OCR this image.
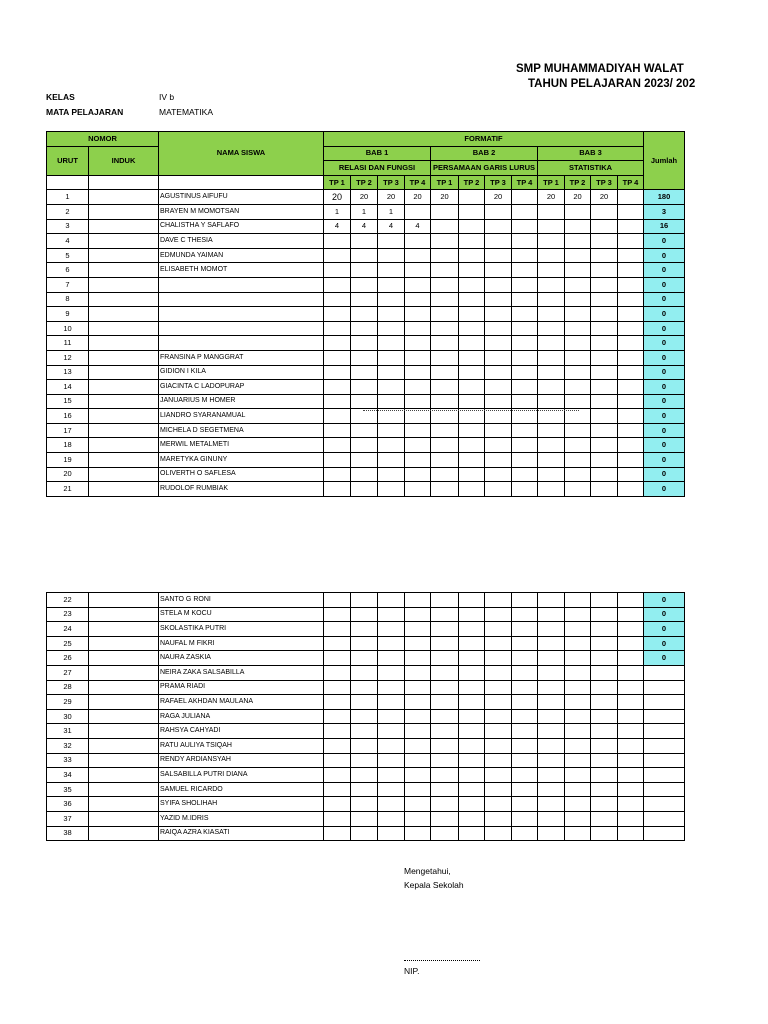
SMP MUHAMMADIYAH WALAT
TAHUN PELAJARAN 2023/ 202
KELAS	IV b
MATA PELAJARAN	MATEMATIKA
NOMOR		NAMA SISWA	FORMATIF												Jumlah
URUT	INDUK		BAB 1				BAB 2				BAB 3				
			RELASI DAN FUNGSI				PERSAMAAN GARIS LURUS				STATISTIKA				
			TP 1	TP 2	TP 3	TP 4	TP 1	TP 2	TP 3	TP 4	TP 1	TP 2	TP 3	TP 4	
1		AGUSTINUS AIFUFU	20	20	20	20	20		20		20	20	20		180
2		BRAYEN M MOMOTSAN	1	1	1										3
3		CHALISTHA Y SAFLAFO	4	4	4	4									16
4		DAVE C THESIA													0
5		EDMUNDA YAIMAN													0
6		ELISABETH MOMOT													0
7															0
8															0
9															0
10															0
11															0
12		FRANSINA P MANGGRAT													0
13		GIDION I KILA													0
14		GIACINTA C LADOPURAP													0
15		JANUARIUS M HOMER													0
16		LIANDRO SYARANAMUAL													0
17		MICHELA D SEGETMENA													0
18		MERWIL METALMETI													0
19		MARETYKA GINUNY													0
20		OLIVERTH O SAFLESA													0
21		RUDOLOF RUMBIAK													0
22		SANTO G RONI													0
23		STELA M KOCU													0
24		SKOLASTIKA PUTRI													0
25		NAUFAL M FIKRI													0
26		NAURA ZASKIA													0
27		NEIRA ZAKA SALSABILLA													
28		PRAMA RIADI													
29		RAFAEL AKHDAN MAULANA													
30		RAGA JULIANA													
31		RAHSYA CAHYADI													
32		RATU AULIYA TSIQAH													
33		RENDY ARDIANSYAH													
34		SALSABILLA PUTRI DIANA													
35		SAMUEL RICARDO													
36		SYIFA SHOLIHAH													
37		YAZID M.IDRIS													
38		RAIQA AZRA KIASATI													
Mengetahui,
Kepala Sekolah
NIP.
